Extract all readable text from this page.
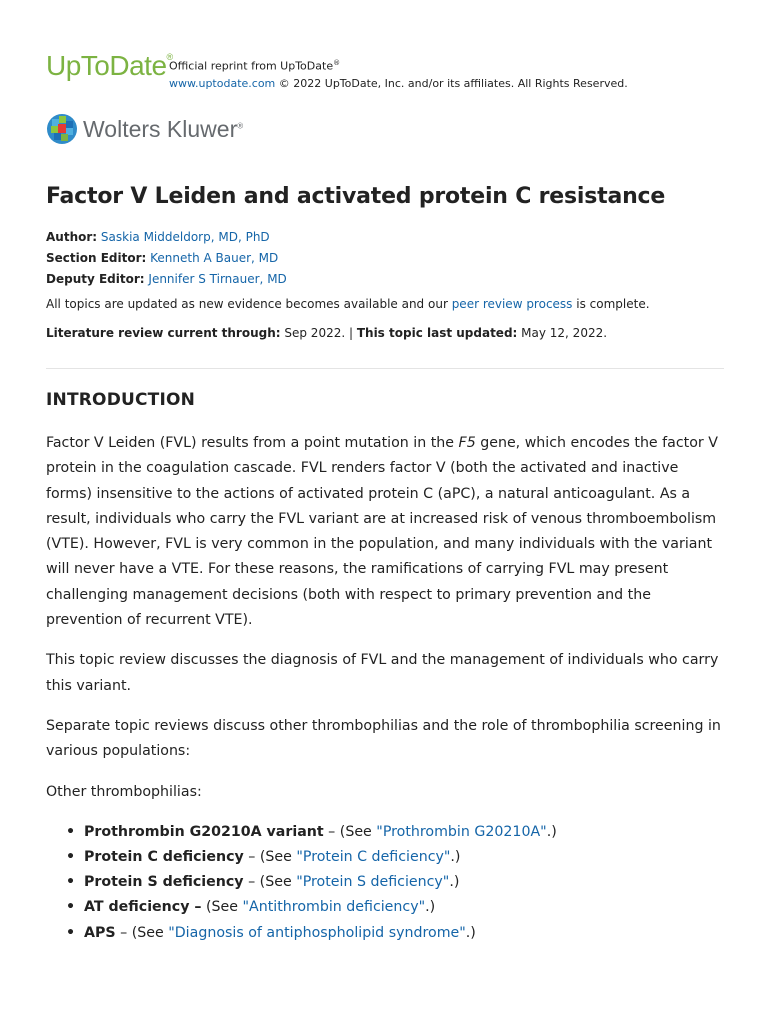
UpToDate®
Official reprint from UpToDate®
www.uptodate.com © 2022 UpToDate, Inc. and/or its affiliates. All Rights Reserved.
Wolters Kluwer®
Factor V Leiden and activated protein C resistance
Author: Saskia Middeldorp, MD, PhD
Section Editor: Kenneth A Bauer, MD
Deputy Editor: Jennifer S Tirnauer, MD
All topics are updated as new evidence becomes available and our peer review process is complete.
Literature review current through: Sep 2022. | This topic last updated: May 12, 2022.
INTRODUCTION

Factor V Leiden (FVL) results from a point mutation in the F5 gene, which encodes the factor V protein in the coagulation cascade. FVL renders factor V (both the activated and inactive forms) insensitive to the actions of activated protein C (aPC), a natural anticoagulant. As a result, individuals who carry the FVL variant are at increased risk of venous thromboembolism (VTE). However, FVL is very common in the population, and many individuals with the variant will never have a VTE. For these reasons, the ramifications of carrying FVL may present challenging management decisions (both with respect to primary prevention and the prevention of recurrent VTE).

This topic review discusses the diagnosis of FVL and the management of individuals who carry this variant.

Separate topic reviews discuss other thrombophilias and the role of thrombophilia screening in various populations:

Other thrombophilias:

• Prothrombin G20210A variant – (See "Prothrombin G20210A".)
• Protein C deficiency – (See "Protein C deficiency".)
• Protein S deficiency – (See "Protein S deficiency".)
• AT deficiency – (See "Antithrombin deficiency".)
• APS – (See "Diagnosis of antiphospholipid syndrome".)
